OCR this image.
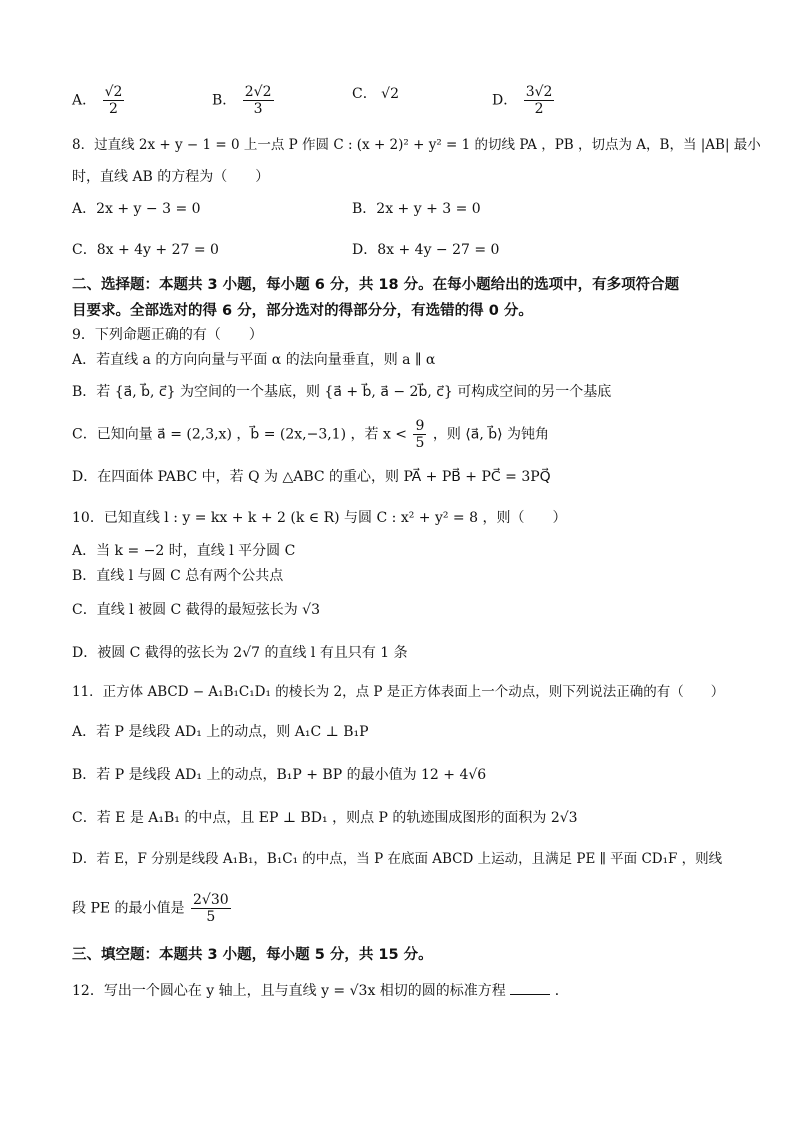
A． $\frac{√2}{2}$	B． $\frac{2√2}{3}$	C． √2	D． $\frac{3√2}{2}$
8．过直线 2x + y − 1 = 0 上一点 P 作圆 C : (x + 2)² + y² = 1 的切线 PA ，PB ，切点为 A，B，当 |AB| 最小
时，直线 AB 的方程为（　　）
A．2x + y − 3 = 0	B．2x + y + 3 = 0
C．8x + 4y + 27 = 0	D．8x + 4y − 27 = 0
二、选择题：本题共 3 小题，每小题 6 分，共 18 分。在每小题给出的选项中，有多项符合题
目要求。全部选对的得 6 分，部分选对的得部分分，有选错的得 0 分。
9．下列命题正确的有（　　）
A．若直线 a 的方向向量与平面 α 的法向量垂直，则 a ∥ α
B．若 {a⃗, b⃗, c⃗} 为空间的一个基底，则 {a⃗ + b⃗, a⃗ − 2b⃗, c⃗} 可构成空间的另一个基底
C．已知向量 a⃗ = (2,3,x) ，b⃗ = (2x,−3,1) ，若 $x < \frac{9}{5}$ ，则 ⟨a⃗, b⃗⟩ 为钝角
D．在四面体 PABC 中，若 Q 为 △ABC 的重心，则 PA⃗ + PB⃗ + PC⃗ = 3PQ⃗
10．已知直线 l : y = kx + k + 2 (k ∈ R) 与圆 C : x² + y² = 8 ，则（　　）
A．当 k = −2 时，直线 l 平分圆 C
B．直线 l 与圆 C 总有两个公共点
C．直线 l 被圆 C 截得的最短弦长为 √3
D．被圆 C 截得的弦长为 2√7 的直线 l 有且只有 1 条
11．正方体 ABCD − A₁B₁C₁D₁ 的棱长为 2，点 P 是正方体表面上一个动点，则下列说法正确的有（　　）
A．若 P 是线段 AD₁ 上的动点，则 A₁C ⊥ B₁P
B．若 P 是线段 AD₁ 上的动点，B₁P + BP 的最小值为 12 + 4√6
C．若 E 是 A₁B₁ 的中点，且 EP ⊥ BD₁ ，则点 P 的轨迹围成图形的面积为 2√3
D．若 E，F 分别是线段 A₁B₁，B₁C₁ 的中点，当 P 在底面 ABCD 上运动，且满足 PE ∥ 平面 CD₁F ，则线
段 PE 的最小值是 $\frac{2√30}{5}$
三、填空题：本题共 3 小题，每小题 5 分，共 15 分。
12．写出一个圆心在 y 轴上，且与直线 y = √3x 相切的圆的标准方程	．
